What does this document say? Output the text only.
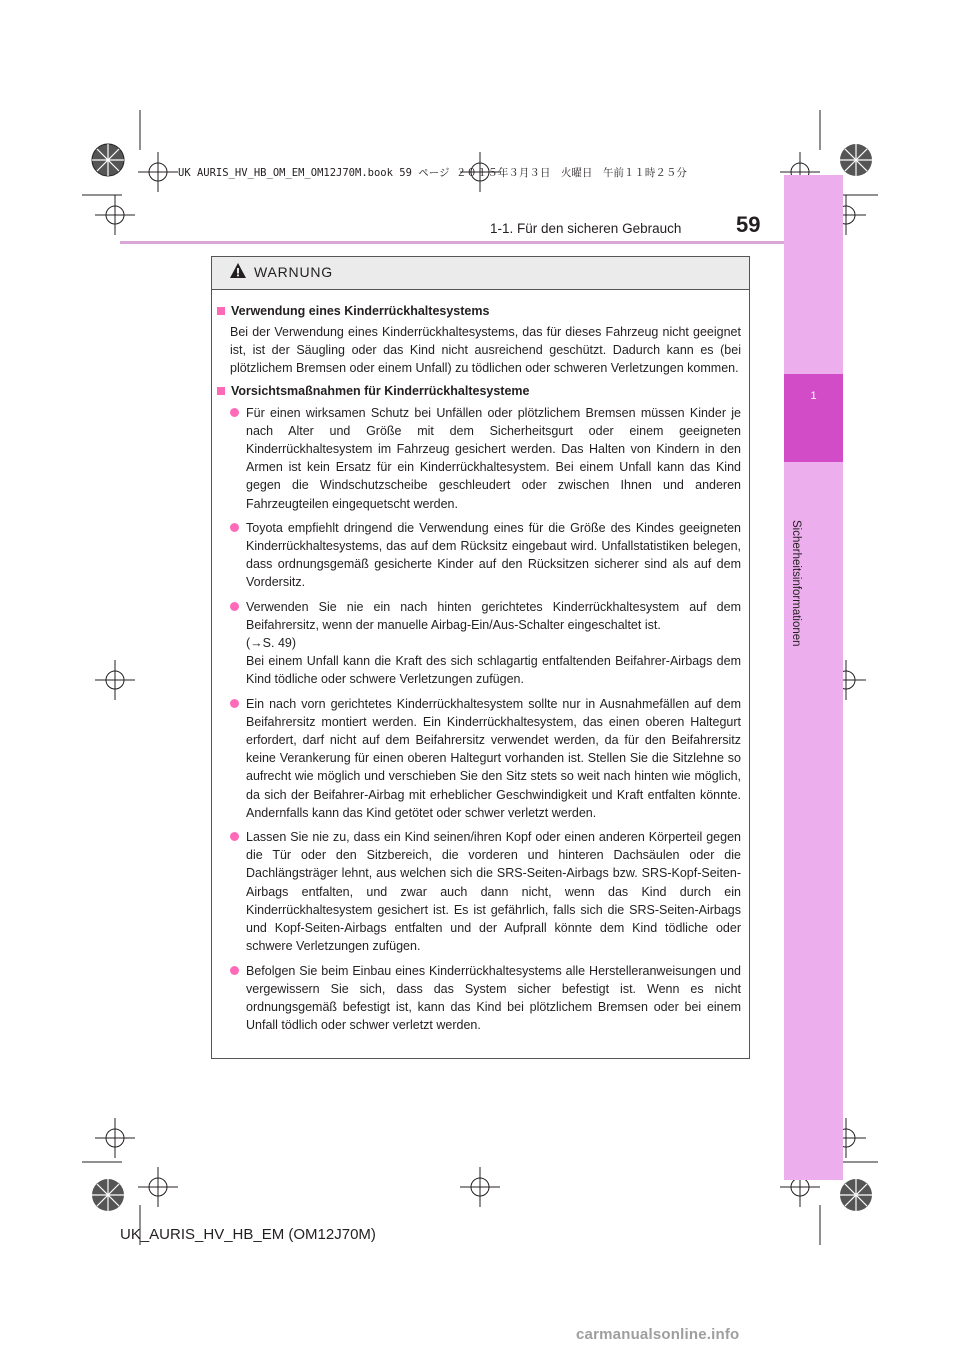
1
Sicherheitsinformationen
UK AURIS_HV_HB_OM_EM_OM12J70M.book 59 ページ ２０１５年３月３日　火曜日　午前１１時２５分
1-1. Für den sicheren Gebrauch 59
WARNUNG
Verwendung eines Kinderrückhaltesystems

Bei der Verwendung eines Kinderrückhaltesystems, das für dieses Fahrzeug nicht geeignet ist, ist der Säugling oder das Kind nicht ausreichend geschützt. Dadurch kann es (bei plötzlichem Bremsen oder einem Unfall) zu tödlichen oder schweren Verletzungen kommen.

Vorsichtsmaßnahmen für Kinderrückhaltesysteme
Für einen wirksamen Schutz bei Unfällen oder plötzlichem Bremsen müssen Kinder je nach Alter und Größe mit dem Sicherheitsgurt oder einem geeigneten Kinderrückhaltesystem im Fahrzeug gesichert werden. Das Halten von Kindern in den Armen ist kein Ersatz für ein Kinderrückhaltesystem. Bei einem Unfall kann das Kind gegen die Windschutzscheibe geschleudert oder zwischen Ihnen und anderen Fahrzeugteilen eingequetscht werden.
Toyota empfiehlt dringend die Verwendung eines für die Größe des Kindes geeigneten Kinderrückhaltesystems, das auf dem Rücksitz eingebaut wird. Unfallstatistiken belegen, dass ordnungsgemäß gesicherte Kinder auf den Rücksitzen sicherer sind als auf dem Vordersitz.
Verwenden Sie nie ein nach hinten gerichtetes Kinderrückhaltesystem auf dem Beifahrersitz, wenn der manuelle Airbag-Ein/Aus-Schalter eingeschaltet ist.
(→S. 49)
Bei einem Unfall kann die Kraft des sich schlagartig entfaltenden Beifahrer-Airbags dem Kind tödliche oder schwere Verletzungen zufügen.
Ein nach vorn gerichtetes Kinderrückhaltesystem sollte nur in Ausnahmefällen auf dem Beifahrersitz montiert werden. Ein Kinderrückhaltesystem, das einen oberen Haltegurt erfordert, darf nicht auf dem Beifahrersitz verwendet werden, da für den Beifahrersitz keine Verankerung für einen oberen Haltegurt vorhanden ist. Stellen Sie die Sitzlehne so aufrecht wie möglich und verschieben Sie den Sitz stets so weit nach hinten wie möglich, da sich der Beifahrer-Airbag mit erheblicher Geschwindigkeit und Kraft entfalten könnte. Andernfalls kann das Kind getötet oder schwer verletzt werden.
Lassen Sie nie zu, dass ein Kind seinen/ihren Kopf oder einen anderen Körperteil gegen die Tür oder den Sitzbereich, die vorderen und hinteren Dachsäulen oder die Dachlängsträger lehnt, aus welchen sich die SRS-Seiten-Airbags bzw. SRS-Kopf-Seiten-Airbags entfalten, und zwar auch dann nicht, wenn das Kind durch ein Kinderrückhaltesystem gesichert ist. Es ist gefährlich, falls sich die SRS-Seiten-Airbags und Kopf-Seiten-Airbags entfalten und der Aufprall könnte dem Kind tödliche oder schwere Verletzungen zufügen.
Befolgen Sie beim Einbau eines Kinderrückhaltesystems alle Herstelleranweisungen und vergewissern Sie sich, dass das System sicher befestigt ist. Wenn es nicht ordnungsgemäß befestigt ist, kann das Kind bei plötzlichem Bremsen oder bei einem Unfall tödlich oder schwer verletzt werden.
UK_AURIS_HV_HB_EM (OM12J70M)
carmanualsonline.info
